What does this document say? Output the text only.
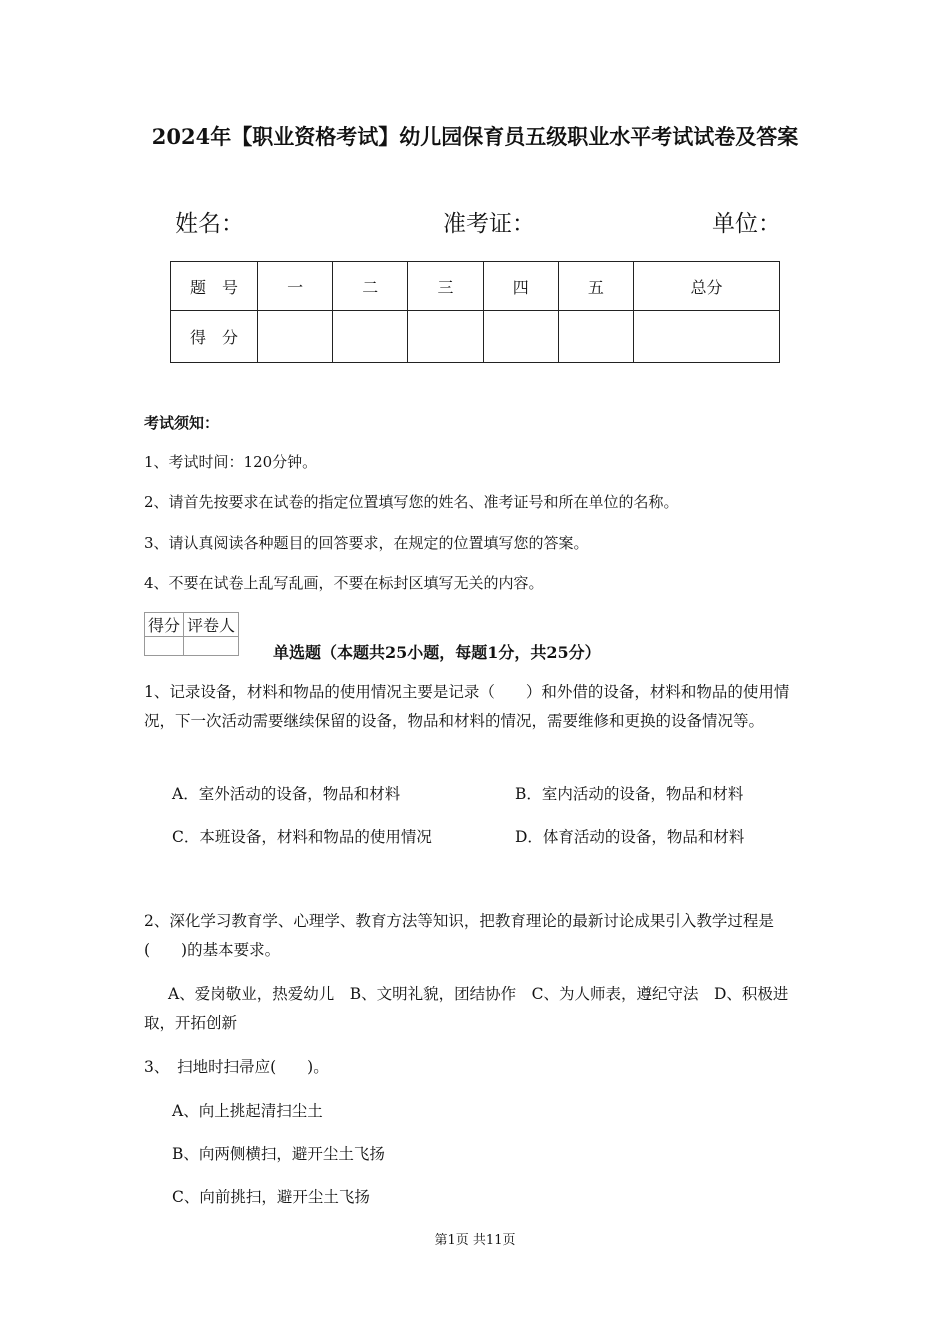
2024年【职业资格考试】幼儿园保育员五级职业水平考试试卷及答案
姓名：	准考证：	单位：
题　号	一	二	三	四	五	总分
得　分						
考试须知：
1、考试时间：120分钟。
2、请首先按要求在试卷的指定位置填写您的姓名、准考证号和所在单位的名称。
3、请认真阅读各种题目的回答要求，在规定的位置填写您的答案。
4、不要在试卷上乱写乱画，不要在标封区填写无关的内容。
得分	评卷人

单选题（本题共25小题，每题1分，共25分）
1、记录设备，材料和物品的使用情况主要是记录（　　）和外借的设备，材料和物品的使用情况，下一次活动需要继续保留的设备，物品和材料的情况，需要维修和更换的设备情况等。
A．室外活动的设备，物品和材料	B．室内活动的设备，物品和材料
C．本班设备，材料和物品的使用情况	D．体育活动的设备，物品和材料
2、深化学习教育学、心理学、教育方法等知识，把教育理论的最新讨论成果引入教学过程是(　　)的基本要求。
A、爱岗敬业，热爱幼儿　B、文明礼貌，团结协作　C、为人师表，遵纪守法　D、积极进取，开拓创新
3、　扫地时扫帚应(　　)。
A、向上挑起清扫尘土
B、向两侧横扫，避开尘土飞扬
C、向前挑扫，避开尘土飞扬
第1页 共11页
